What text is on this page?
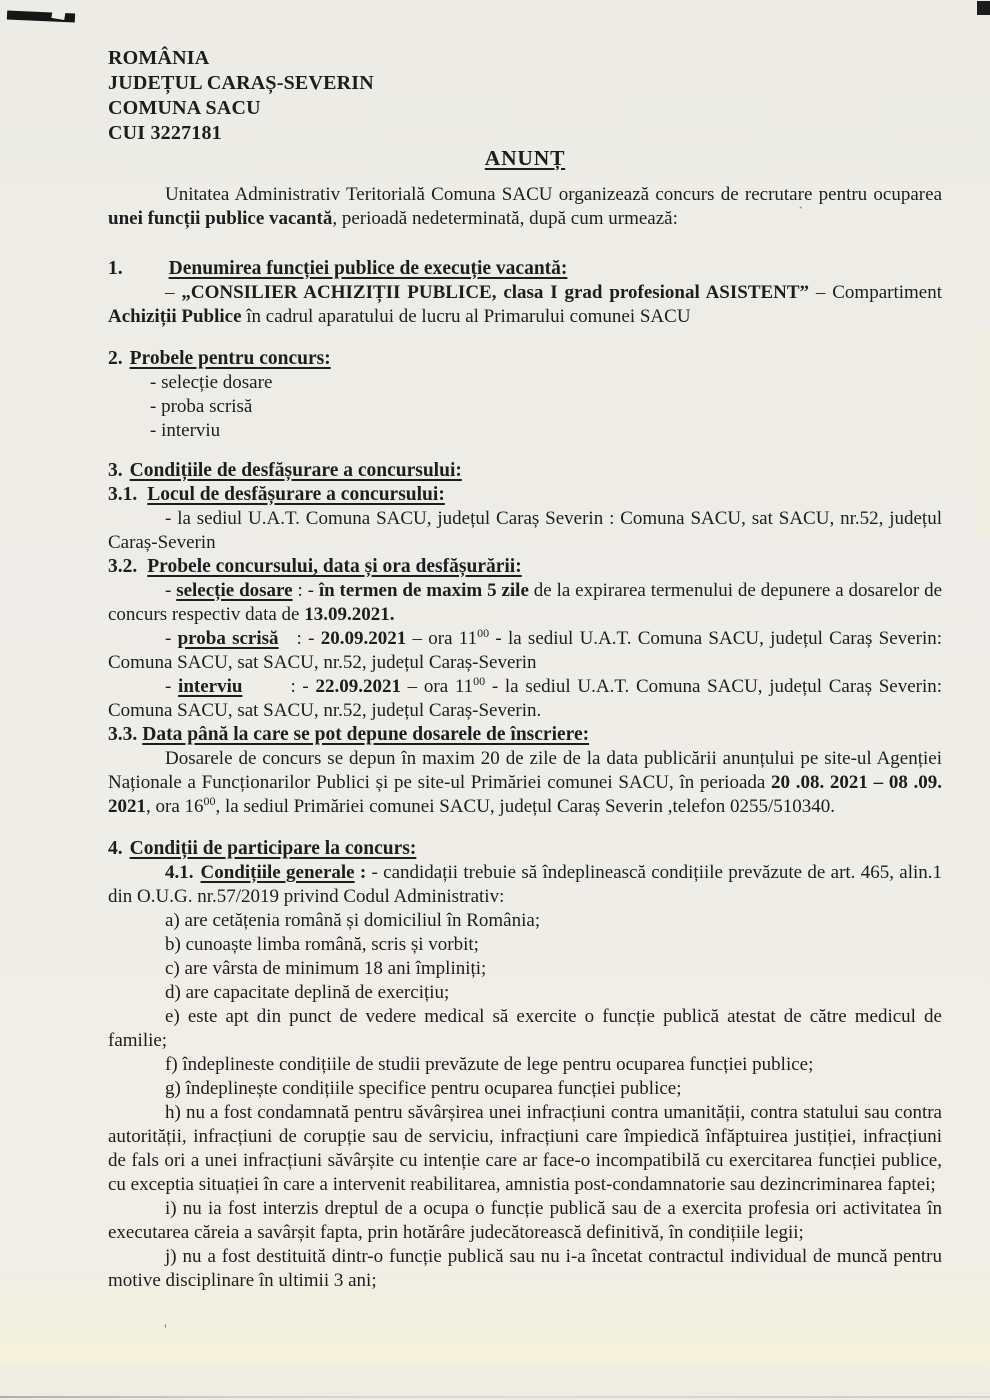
·
'
ROMÂNIA
JUDEȚUL CARAȘ-SEVERIN
COMUNA SACU
CUI 3227181
ANUNȚ

Unitatea Administrativ Teritorială Comuna SACU organizează concurs de recrutare pentru ocuparea unei funcții publice vacantă, perioadă nedeterminată, după cum urmează:

1. Denumirea funcției publice de execuție vacantă:

– „CONSILIER ACHIZIȚII PUBLICE, clasa I grad profesional ASISTENT” – Compartiment Achiziții Publice în cadrul aparatului de lucru al Primarului comunei SACU

2. Probele pentru concurs:

- selecție dosare

- proba scrisă

- interviu

3. Condițiile de desfășurare a concursului:

3.1. Locul de desfășurare a concursului:

- la sediul U.A.T. Comuna SACU, județul Caraș Severin : Comuna SACU, sat SACU, nr.52, județul Caraș-Severin

3.2. Probele concursului, data și ora desfășurării:

- selecție dosare : - în termen de maxim 5 zile de la expirarea termenului de depunere a dosarelor de concurs respectiv data de 13.09.2021.

- proba scrisă : - 20.09.2021 – ora $11^{00}$ - la sediul U.A.T. Comuna SACU, județul Caraș Severin: Comuna SACU, sat SACU, nr.52, județul Caraș-Severin

- interviu	: - 22.09.2021 – ora $11^{00}$ - la sediul U.A.T. Comuna SACU, județul Caraș Severin: Comuna SACU, sat SACU, nr.52, județul Caraș-Severin.

3.3. Data până la care se pot depune dosarele de înscriere:

Dosarele de concurs se depun în maxim 20 de zile de la data publicării anunțului pe site-ul Agenției Naționale a Funcționarilor Publici și pe site-ul Primăriei comunei SACU, în perioada 20 .08. 2021 – 08 .09. 2021, ora $16^{00}$, la sediul Primăriei comunei SACU, județul Caraș Severin ,telefon 0255/510340.

4. Condiții de participare la concurs:

4.1. Condițiile generale : - candidații trebuie să îndeplinească condițiile prevăzute de art. 465, alin.1 din O.U.G. nr.57/2019 privind Codul Administrativ:

a) are cetățenia română și domiciliul în România;

b) cunoaște limba română, scris și vorbit;

c) are vârsta de minimum 18 ani împliniți;

d) are capacitate deplină de exercițiu;

e) este apt din punct de vedere medical să exercite o funcție publică atestat de către medicul de familie;

f) îndeplineste condițiile de studii prevăzute de lege pentru ocuparea funcției publice;

g) îndeplinește condițiile specifice pentru ocuparea funcției publice;

h) nu a fost condamnată pentru săvârșirea unei infracțiuni contra umanității, contra statului sau contra autorității, infracțiuni de corupție sau de serviciu, infracțiuni care împiedică înfăptuirea justiției, infracțiuni de fals ori a unei infracțiuni săvârșite cu intenție care ar face-o incompatibilă cu exercitarea funcției publice, cu exceptia situației în care a intervenit reabilitarea, amnistia post-condamnatorie sau dezincriminarea faptei;

i) nu ia fost interzis dreptul de a ocupa o funcție publică sau de a exercita profesia ori activitatea în executarea căreia a savârșit fapta, prin hotărâre judecătorească definitivă, în condițiile legii;

j) nu a fost destituită dintr-o funcție publică sau nu i-a încetat contractul individual de muncă pentru motive disciplinare în ultimii 3 ani;
